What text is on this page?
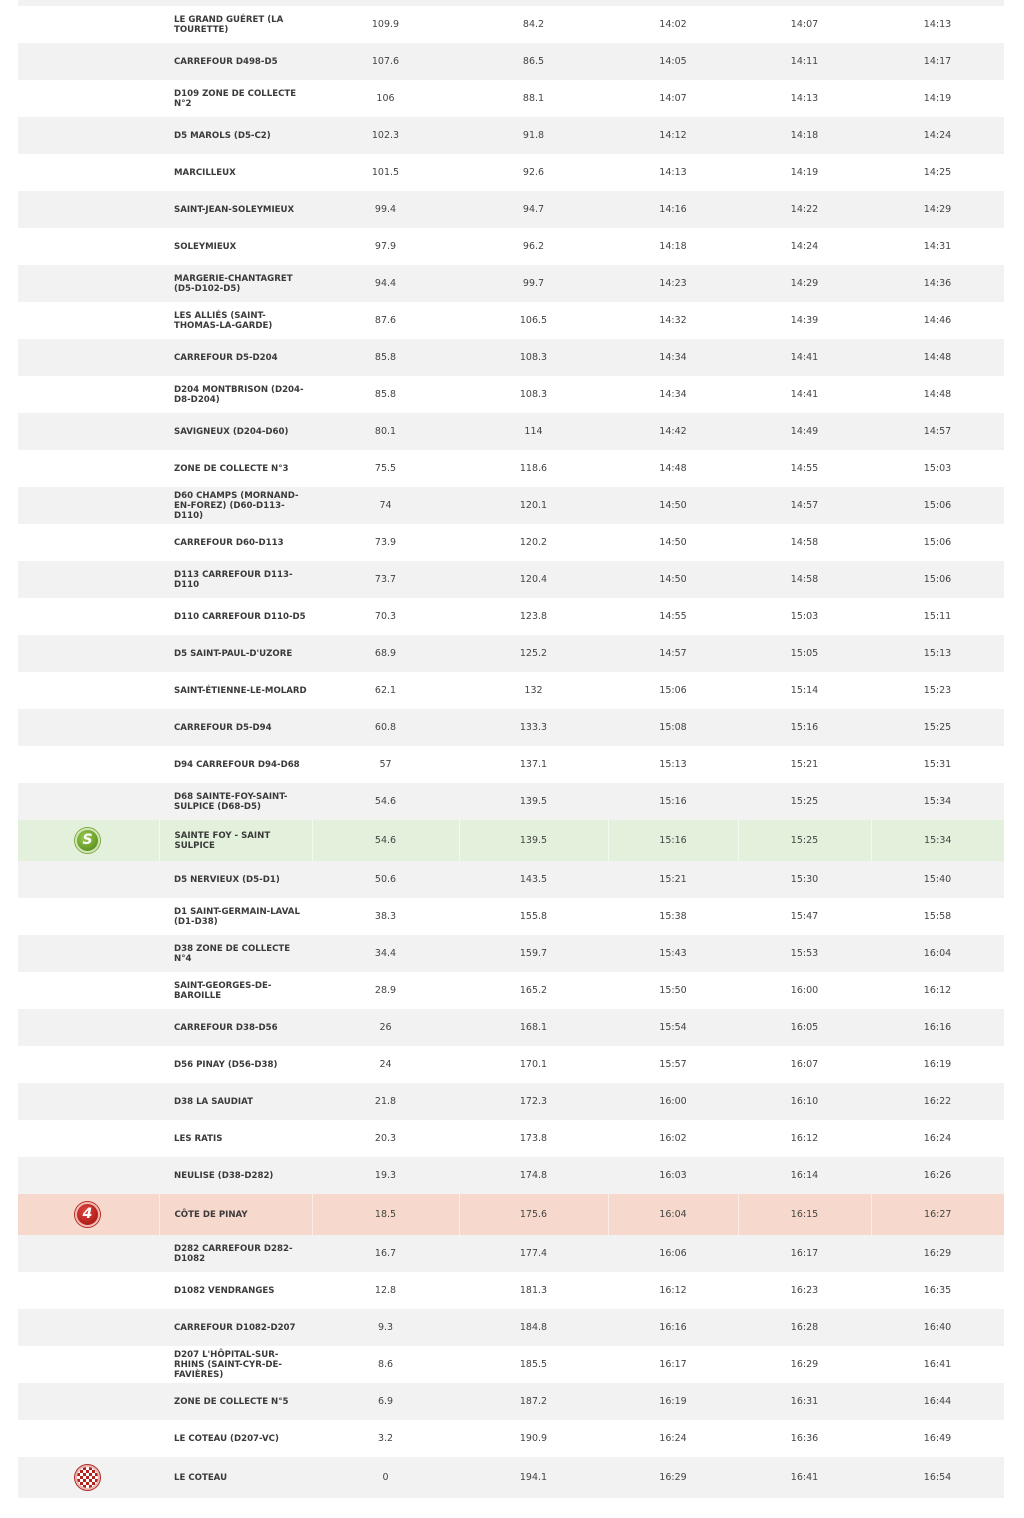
	LE GRAND GUÉRET (LA TOURETTE)	109.9	84.2	14:02	14:07	14:13
	CARREFOUR D498-D5	107.6	86.5	14:05	14:11	14:17
	D109 ZONE DE COLLECTE N°2	106	88.1	14:07	14:13	14:19
	D5 MAROLS (D5-C2)	102.3	91.8	14:12	14:18	14:24
	MARCILLEUX	101.5	92.6	14:13	14:19	14:25
	SAINT-JEAN-SOLEYMIEUX	99.4	94.7	14:16	14:22	14:29
	SOLEYMIEUX	97.9	96.2	14:18	14:24	14:31
	MARGERIE-CHANTAGRET (D5-D102-D5)	94.4	99.7	14:23	14:29	14:36
	LES ALLIÉS (SAINT-THOMAS-LA-GARDE)	87.6	106.5	14:32	14:39	14:46
	CARREFOUR D5-D204	85.8	108.3	14:34	14:41	14:48
	D204 MONTBRISON (D204-D8-D204)	85.8	108.3	14:34	14:41	14:48
	SAVIGNEUX (D204-D60)	80.1	114	14:42	14:49	14:57
	ZONE DE COLLECTE N°3	75.5	118.6	14:48	14:55	15:03
	D60 CHAMPS (MORNAND-EN-FOREZ) (D60-D113-D110)	74	120.1	14:50	14:57	15:06
	CARREFOUR D60-D113	73.9	120.2	14:50	14:58	15:06
	D113 CARREFOUR D113-D110	73.7	120.4	14:50	14:58	15:06
	D110 CARREFOUR D110-D5	70.3	123.8	14:55	15:03	15:11
	D5 SAINT-PAUL-D'UZORE	68.9	125.2	14:57	15:05	15:13
	SAINT-ÉTIENNE-LE-MOLARD	62.1	132	15:06	15:14	15:23
	CARREFOUR D5-D94	60.8	133.3	15:08	15:16	15:25
	D94 CARREFOUR D94-D68	57	137.1	15:13	15:21	15:31
	D68 SAINTE-FOY-SAINT-SULPICE (D68-D5)	54.6	139.5	15:16	15:25	15:34

S	SAINTE FOY - SAINT SULPICE	54.6	139.5	15:16	15:25	15:34
	D5 NERVIEUX (D5-D1)	50.6	143.5	15:21	15:30	15:40
	D1 SAINT-GERMAIN-LAVAL (D1-D38)	38.3	155.8	15:38	15:47	15:58
	D38 ZONE DE COLLECTE N°4	34.4	159.7	15:43	15:53	16:04
	SAINT-GEORGES-DE-BAROILLE	28.9	165.2	15:50	16:00	16:12
	CARREFOUR D38-D56	26	168.1	15:54	16:05	16:16
	D56 PINAY (D56-D38)	24	170.1	15:57	16:07	16:19
	D38 LA SAUDIAT	21.8	172.3	16:00	16:10	16:22
	LES RATIS	20.3	173.8	16:02	16:12	16:24
	NEULISE (D38-D282)	19.3	174.8	16:03	16:14	16:26

4	CÔTE DE PINAY	18.5	175.6	16:04	16:15	16:27
	D282 CARREFOUR D282-D1082	16.7	177.4	16:06	16:17	16:29
	D1082 VENDRANGES	12.8	181.3	16:12	16:23	16:35
	CARREFOUR D1082-D207	9.3	184.8	16:16	16:28	16:40
	D207 L'HÔPITAL-SUR-RHINS (SAINT-CYR-DE-FAVIÈRES)	8.6	185.5	16:17	16:29	16:41
	ZONE DE COLLECTE N°5	6.9	187.2	16:19	16:31	16:44
	LE COTEAU (D207-VC)	3.2	190.9	16:24	16:36	16:49
	LE COTEAU	0	194.1	16:29	16:41	16:54
